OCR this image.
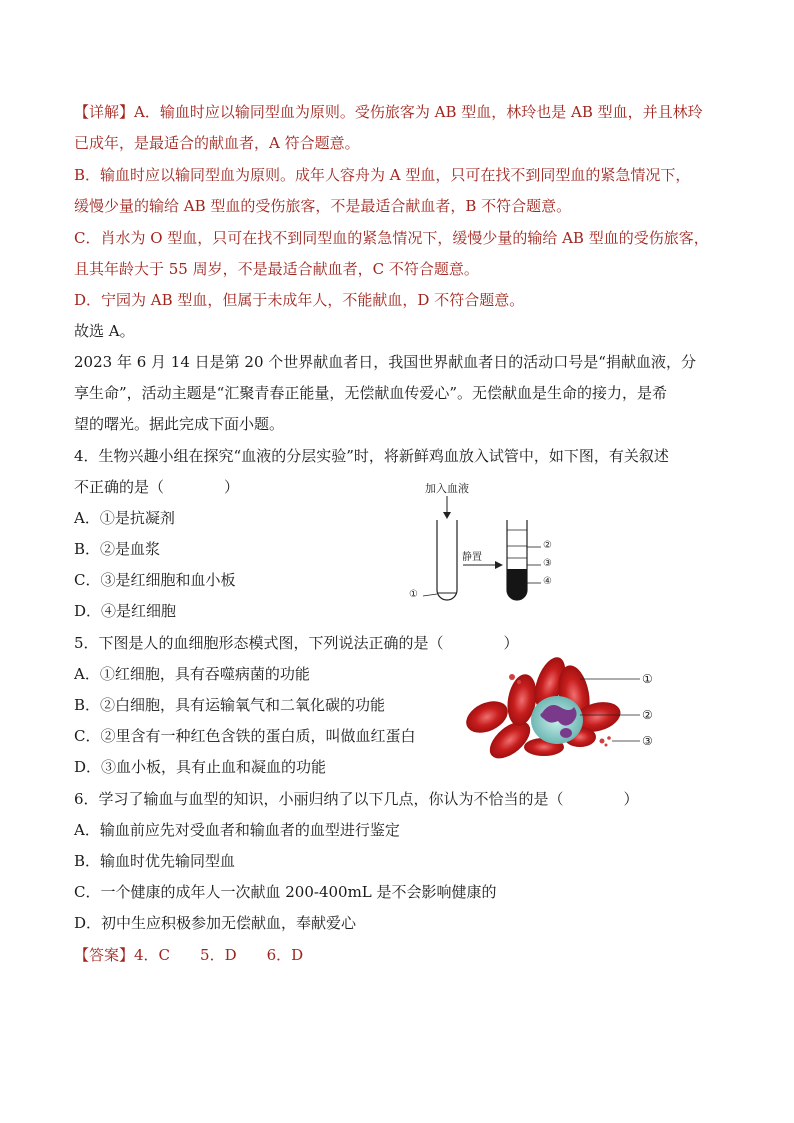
【详解】A．输血时应以输同型血为原则。受伤旅客为 AB 型血，林玲也是 AB 型血，并且林玲
已成年，是最适合的献血者，A 符合题意。
B．输血时应以输同型血为原则。成年人容舟为 A 型血，只可在找不到同型血的紧急情况下，
缓慢少量的输给 AB 型血的受伤旅客，不是最适合献血者，B 不符合题意。
C．肖水为 O 型血，只可在找不到同型血的紧急情况下，缓慢少量的输给 AB 型血的受伤旅客，
且其年龄大于 55 周岁，不是最适合献血者，C 不符合题意。
D．宁园为 AB 型血，但属于未成年人，不能献血，D 不符合题意。
故选 A。
2023 年 6 月 14 日是第 20 个世界献血者日，我国世界献血者日的活动口号是“捐献血液，分
享生命”，活动主题是“汇聚青春正能量，无偿献血传爱心”。无偿献血是生命的接力，是希
望的曙光。据此完成下面小题。
4．生物兴趣小组在探究“血液的分层实验”时，将新鲜鸡血放入试管中，如下图，有关叙述
不正确的是（　　　　）
A．①是抗凝剂
B．②是血浆
C．③是红细胞和血小板
D．④是红细胞
加入血液
静置
①
②
③
④
5．下图是人的血细胞形态模式图，下列说法正确的是（　　　　）
A．①红细胞，具有吞噬病菌的功能
B．②白细胞，具有运输氧气和二氧化碳的功能
C．②里含有一种红色含铁的蛋白质，叫做血红蛋白
D．③血小板，具有止血和凝血的功能
①
②
③
6．学习了输血与血型的知识，小丽归纳了以下几点，你认为不恰当的是（　　　　）
A．输血前应先对受血者和输血者的血型进行鉴定
B．输血时优先输同型血
C．一个健康的成年人一次献血 200-400mL 是不会影响健康的
D．初中生应积极参加无偿献血，奉献爱心
【答案】4．C　　5．D　　6．D
